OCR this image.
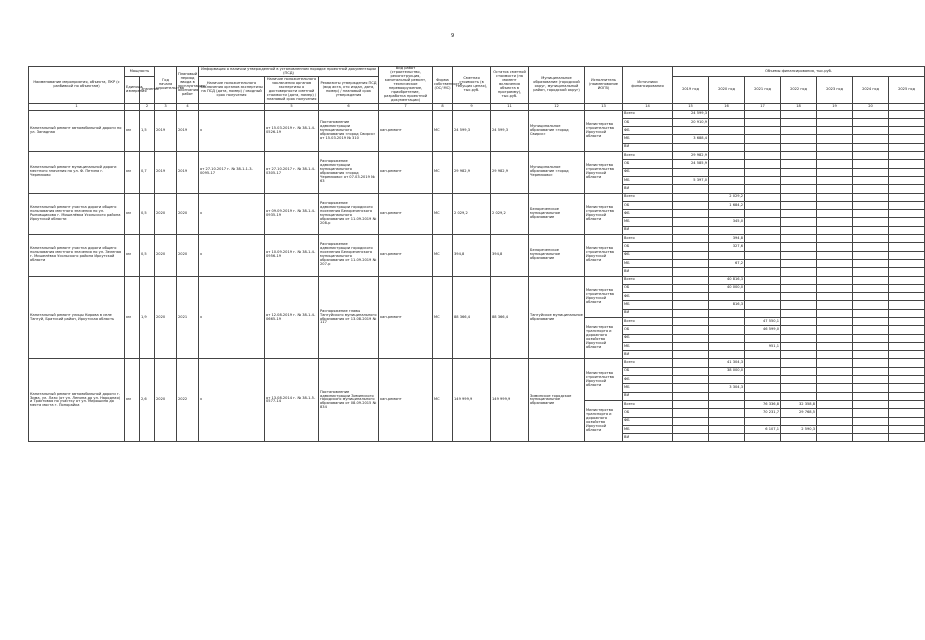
9
Наименование мероприятия, объекта, ПКР (с разбивкой по объектам)	Мощность		Год начала строительства	Плановый период ввода в эксплуатацию/ окончания работ	Информация о наличии утвержденной в установленном порядке проектной документации (ПСД)			Вид работ (строительство, реконструкция, капитальный ремонт, техническое перевооружение, приобретение, разработка проектной документации)	Форма собственности (ОС/ МС)	Сметная стоимость (в текущих ценах), тыс.руб.	Остаток сметной стоимости (на момент включения объекта в программу), тыс.руб.	Муниципальное образование (городской округ, муниципальный район, городской округ)	Исполнитель (наименование ИОГВ)	Источники финансирования	Объемы финансирования, тыс.руб.						
	Единица измерения	Значение			Наличие положительного заключения органов экспертизы на ПСД (дата, номер) / сводный срок получения	Наличие положительного заключения органов экспертизы о достоверности сметной стоимости (дата, номер) / плановый срок получения	Реквизиты утверждения ПСД (вид акта, кто издал, дата, номер) / плановый срок утверждения								2019 год	2020 год	2021 год	2022 год	2023 год	2024 год	2025 год

1		2	3	4		5	6	7	8	9	11	12	13	14	15	16	17	18	19	20	
Капитальный ремонт автомобильной дороги по ул. Западная	км	1,5	2019	2019	х	от 15.03.2019 г. № 38-1-4-0526-19	Постановление администрации муниципального образования «город Свирск» от 15.03.2019 № 310	кап.ремонт	МС	24 599,3	24 599,3	Муниципальное образование «город Свирск»	Министерство строительства Иркутской области	Всего	24 599,3						
														ОБ	20 910,9						
														ФБ							
														МБ	3 688,4						
														ВИ							
Капитальный ремонт муниципальной дороги местного значения по ул. Ф. Петина г. Черемхово	км	0,7	2019	2019	от 27.10.2017 г. № 38-1-1-3-0095-17	от 27.10.2017 г. № 38-1-4-0305-17	Распоряжение администрации муниципального образования «город Черемхово» от 07.03.2019 № 63	кап.ремонт	МС	29 982,9	29 982,9	Муниципальное образование «город Черемхово»	Министерство строительства Иркутской области	Всего	29 982,9						
														ОБ	24 585,9						
														ФБ							
														МБ	5 397,0						
														ВИ							
Капитальный ремонт участка дороги общего пользования местного значения по ул. Рыновщикова г. Мишелёвка Усольского района Иркутской области	км	0,5	2020	2020	х	от 09.09.2019 г. № 38-1-4-0935-19	Распоряжение администрации городского поселения Белореченского муниципального образования от 11.09.2019 № 208-р	кап.ремонт	МС	2 029,2	2 029,2	Белореченское муниципальное образование	Министерство строительства Иркутской области	Всего		2 029,2					
														ОБ		1 684,2					
														ФБ							
														МБ		345,0					
														ВИ							
Капитальный ремонт участка дороги общего пользования местного значения по ул. Зеленая г. Мишелёвка Усольского района Иркутской области	км	0,5	2020	2020	х	от 10.09.2019 г. № 38-1-4-0956-19	Распоряжение администрации городского поселения Белореченского муниципального образования от 11.09.2019 № 207-р	кап.ремонт	МС	394,8	394,8	Белореченское муниципальное образование	Министерство строительства Иркутской области	Всего		394,8					
														ОБ		327,6					
														ФБ							
														МБ		67,2					
														ВИ							
Капитальный ремонт улицы Кирова в селе Тангуй, Братский район, Иркутская область	км	1,9	2020	2021	х	от 12.08.2019 г. № 38-1-4-0665-19	Распоряжение главы Тангуйского муниципального образования от 13.08.2019 № 117	кап.ремонт	МС	88 366,4	88 366,4	Тангуйское муниципальное образование	Министерство строительства Иркутской области	Всего		40 816,3					
														ОБ		40 000,0					
														ФБ							
														МБ		816,3					
														ВИ							
													Министерство транспорта и дорожного хозяйства Иркутской области	Всего			47 550,1				
														ОБ			46 599,0				
														ФБ							
														МБ			951,1				
														ВИ							
Капитальный ремонт автомобильной дороги г. Зима, ул. Лазо (от ул. Ленина до ул. Народная) и Трактовая по участку от ул. Мирошина до места моста г. Понорайка	км	2,6	2020	2022	х	от 13.08.2014 г. № 38-1-5-0577-14	Постановление администрации Зиминского городского муниципального образования от 08.09.2015 № 834	кап.ремонт	МС	149 999,9	149 999,9	Зиминское городское муниципальное образование	Министерство строительства Иркутской области	Всего		41 304,3					
														ОБ		38 000,0					
														ФБ							
														МБ		3 304,3					
														ВИ							
													Министерство транспорта и дорожного хозяйства Иркутской области	Всего			76 336,8	32 358,8			
														ОБ			70 231,7	29 768,5			
														ФБ							
														МБ			6 107,1	2 590,3			
														ВИ							
